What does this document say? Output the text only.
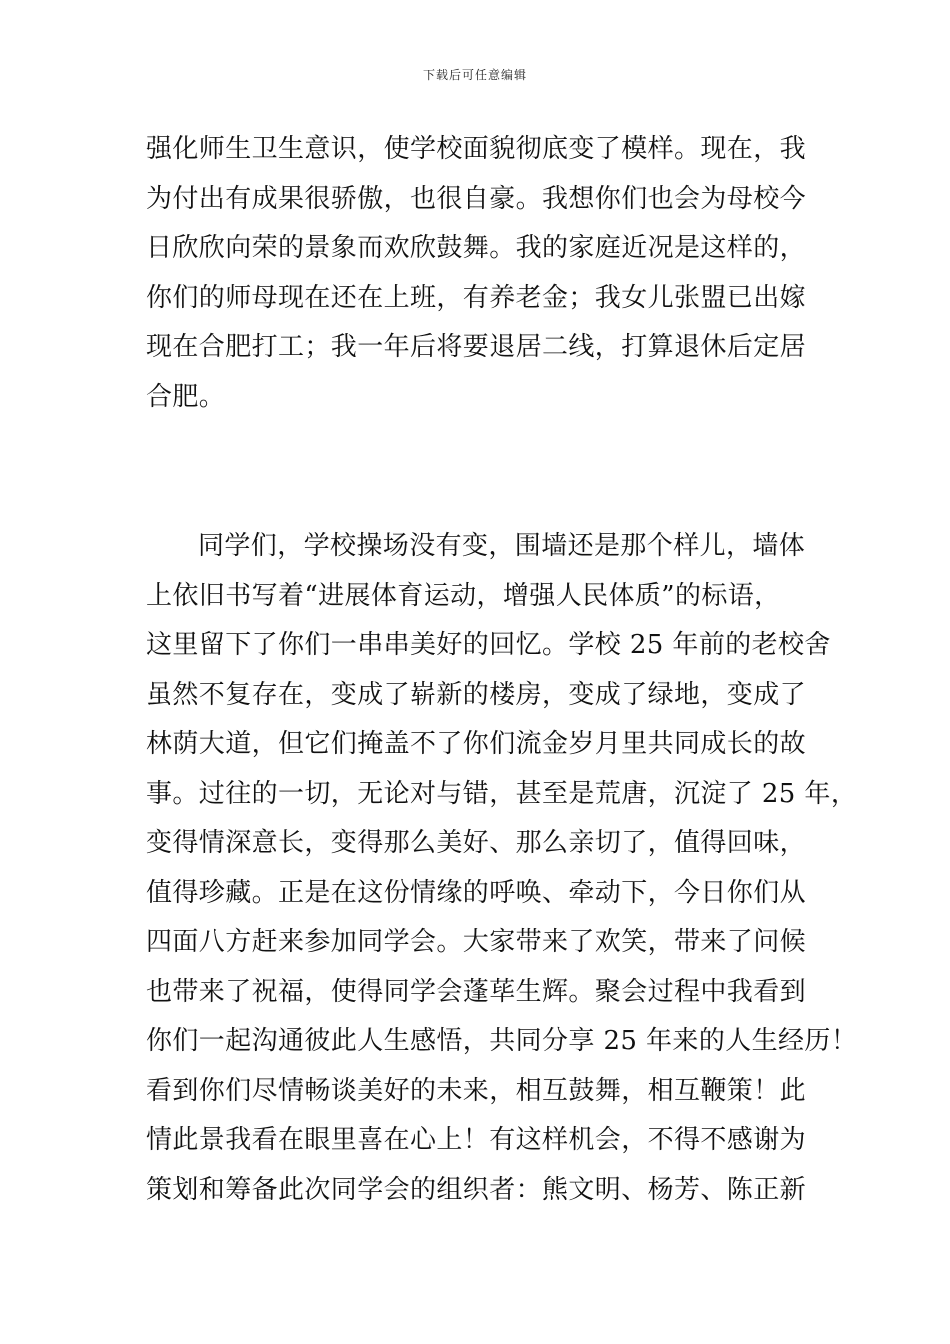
下载后可任意编辑
强化师生卫生意识，使学校面貌彻底变了模样。现在，我
为付出有成果很骄傲，也很自豪。我想你们也会为母校今
日欣欣向荣的景象而欢欣鼓舞。我的家庭近况是这样的，
你们的师母现在还在上班，有养老金；我女儿张盟已出嫁
现在合肥打工；我一年后将要退居二线，打算退休后定居
合肥。
同学们，学校操场没有变，围墙还是那个样儿，墙体
上依旧书写着“进展体育运动，增强人民体质”的标语，
这里留下了你们一串串美好的回忆。学校 25 年前的老校舍
虽然不复存在，变成了崭新的楼房，变成了绿地，变成了
林荫大道，但它们掩盖不了你们流金岁月里共同成长的故
事。过往的一切，无论对与错，甚至是荒唐，沉淀了 25 年，
变得情深意长，变得那么美好、那么亲切了，值得回味，
值得珍藏。正是在这份情缘的呼唤、牵动下，今日你们从
四面八方赶来参加同学会。大家带来了欢笑，带来了问候
也带来了祝福，使得同学会蓬荜生辉。聚会过程中我看到
你们一起沟通彼此人生感悟，共同分享 25 年来的人生经历！
看到你们尽情畅谈美好的未来，相互鼓舞，相互鞭策！此
情此景我看在眼里喜在心上！有这样机会，不得不感谢为
策划和筹备此次同学会的组织者：熊文明、杨芳、陈正新
